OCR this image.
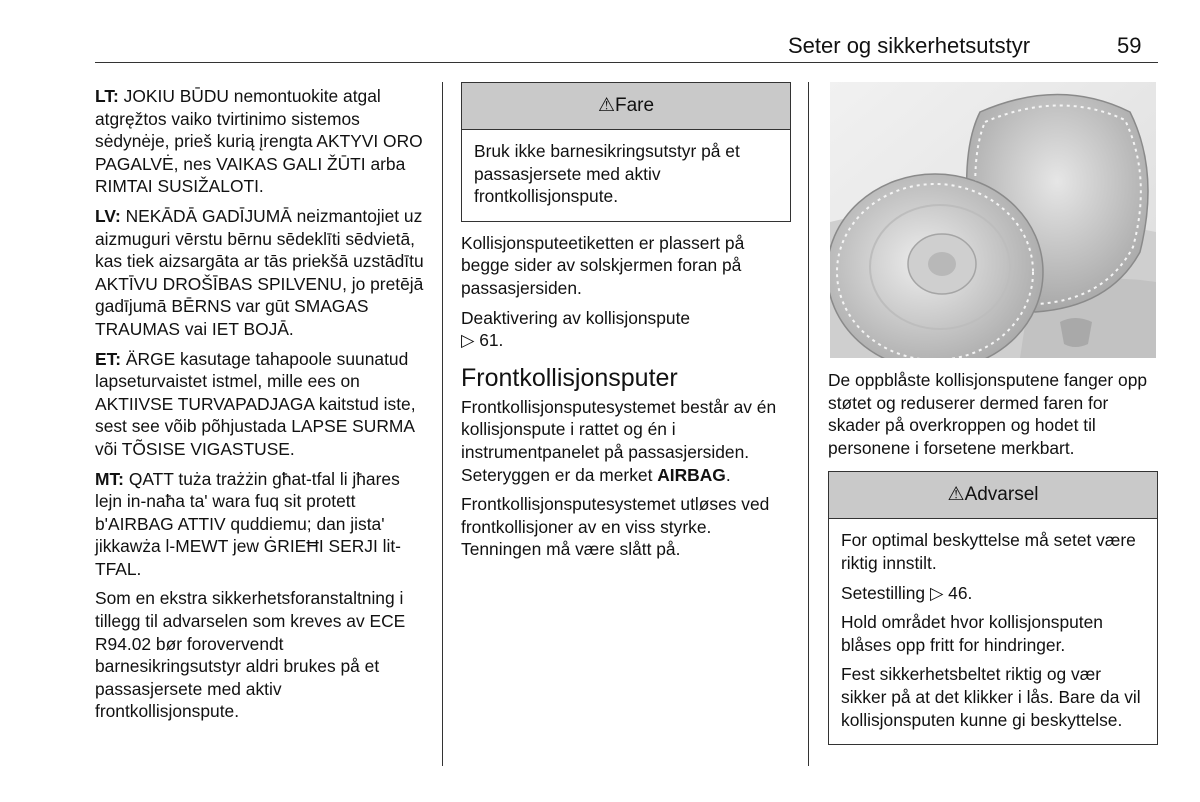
Seter og sikkerhetsutstyr	59

LT: JOKIU BŪDU nemontuokite atgal atgręžtos vaiko tvirtinimo sistemos sėdynėje, prieš kurią įrengta AKTYVI ORO PAGALVĖ, nes VAIKAS GALI ŽŪTI arba RIMTAI SUSIŽALOTI.

LV: NEKĀDĀ GADĪJUMĀ neizmantojiet uz aizmuguri vērstu bērnu sēdeklīti sēdvietā, kas tiek aizsargāta ar tās priekšā uzstādītu AKTĪVU DROŠĪBAS SPILVENU, jo pretējā gadījumā BĒRNS var gūt SMAGAS TRAUMAS vai IET BOJĀ.

ET: ÄRGE kasutage tahapoole suunatud lapseturvaistet istmel, mille ees on AKTIIVSE TURVAPADJAGA kaitstud iste, sest see võib põhjustada LAPSE SURMA või TÕSISE VIGASTUSE.

MT: QATT tuża trażżin għat-tfal li jħares lejn in-naħa ta' wara fuq sit protett b'AIRBAG ATTIV quddiemu; dan jista' jikkawża l-MEWT jew ĠRIEĦI SERJI lit-TFAL.

Som en ekstra sikkerhetsforanstaltning i tillegg til advarselen som kreves av ECE R94.02 bør forovervendt barnesikringsutstyr aldri brukes på et passasjersete med aktiv frontkollisjonspute.

⚠Fare

Bruk ikke barnesikringsutstyr på et passasjersete med aktiv frontkollisjonspute.

Kollisjonsputeetiketten er plassert på begge sider av solskjermen foran på passasjersiden.

Deaktivering av kollisjonspute
▷ 61.

Frontkollisjonsputer

Frontkollisjonsputesystemet består av én kollisjonspute i rattet og én i instrumentpanelet på passasjersiden. Seteryggen er da merket AIRBAG.

Frontkollisjonsputesystemet utløses ved frontkollisjoner av en viss styrke. Tenningen må være slått på.

De oppblåste kollisjonsputene fanger opp støtet og reduserer dermed faren for skader på overkroppen og hodet til personene i forsetene merkbart.

⚠Advarsel

For optimal beskyttelse må setet være riktig innstilt.

Setestilling ▷ 46.

Hold området hvor kollisjonsputen blåses opp fritt for hindringer.

Fest sikkerhetsbeltet riktig og vær sikker på at det klikker i lås. Bare da vil kollisjonsputen kunne gi beskyttelse.
